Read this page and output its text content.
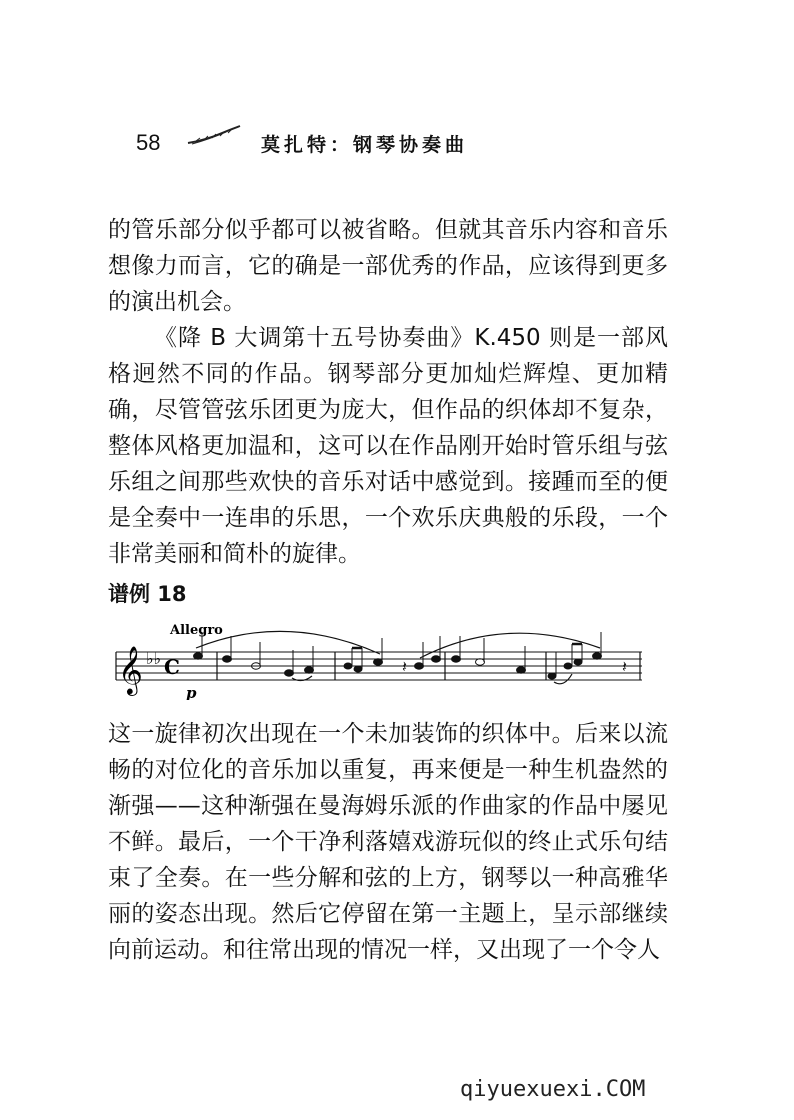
58	莫扎特：钢琴协奏曲

的管乐部分似乎都可以被省略。但就其音乐内容和音乐想像力而言，它的确是一部优秀的作品，应该得到更多的演出机会。

《降 B 大调第十五号协奏曲》K.450 则是一部风格迥然不同的作品。钢琴部分更加灿烂辉煌、更加精确，尽管管弦乐团更为庞大，但作品的织体却不复杂，整体风格更加温和，这可以在作品刚开始时管乐组与弦乐组之间那些欢快的音乐对话中感觉到。接踵而至的便是全奏中一连串的乐思，一个欢乐庆典般的乐段，一个非常美丽和简朴的旋律。

谱例 18
Allegro
𝄞 ♭♭ C
p
𝄽	𝄽

这一旋律初次出现在一个未加装饰的织体中。后来以流畅的对位化的音乐加以重复，再来便是一种生机盎然的渐强——这种渐强在曼海姆乐派的作曲家的作品中屡见不鲜。最后，一个干净利落嬉戏游玩似的终止式乐句结束了全奏。在一些分解和弦的上方，钢琴以一种高雅华丽的姿态出现。然后它停留在第一主题上，呈示部继续向前运动。和往常出现的情况一样，又出现了一个令人

qiyuexuexi.COM
